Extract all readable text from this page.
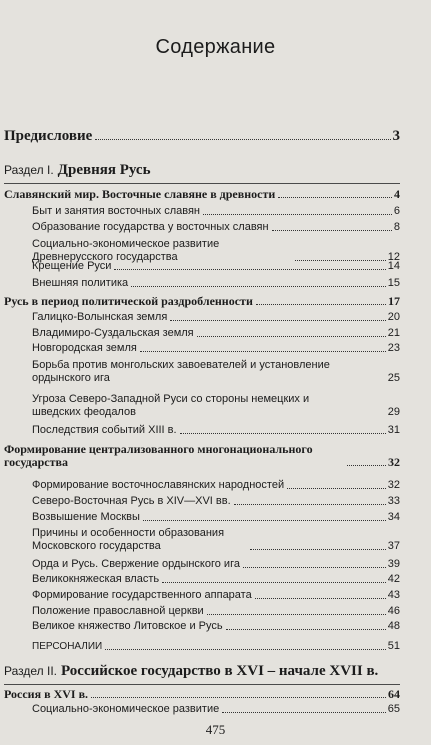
Содержание
Предисловие	3
Раздел I. Древняя Русь
Славянский мир. Восточные славяне в древности	4
Быт и занятия восточных славян	6
Образование государства у восточных славян	8
Социально-экономическое развитие Древнерусского государства	12
Крещение Руси	14
Внешняя политика	15
Русь в период политической раздробленности	17
Галицко-Волынская земля	20
Владимиро-Суздальская земля	21
Новгородская земля	23
Борьба против монгольских завоевателей и установление ордынского ига	25
Угроза Северо-Западной Руси со стороны немецких и шведских феодалов	29
Последствия событий XIII в.	31
Формирование централизованного многонационального государства	32
Формирование восточнославянских народностей	32
Северо-Восточная Русь в XIV—XVI вв.	33
Возвышение Москвы	34
Причины и особенности образования Московского государства	37
Орда и Русь. Свержение ордынского ига	39
Великокняжеская власть	42
Формирование государственного аппарата	43
Положение православной церкви	46
Великое княжество Литовское и Русь	48
ПЕРСОНАЛИИ	51
Раздел II. Российское государство в XVI – начале XVII в.
Россия в XVI в.	64
Социально-экономическое развитие	65
475
